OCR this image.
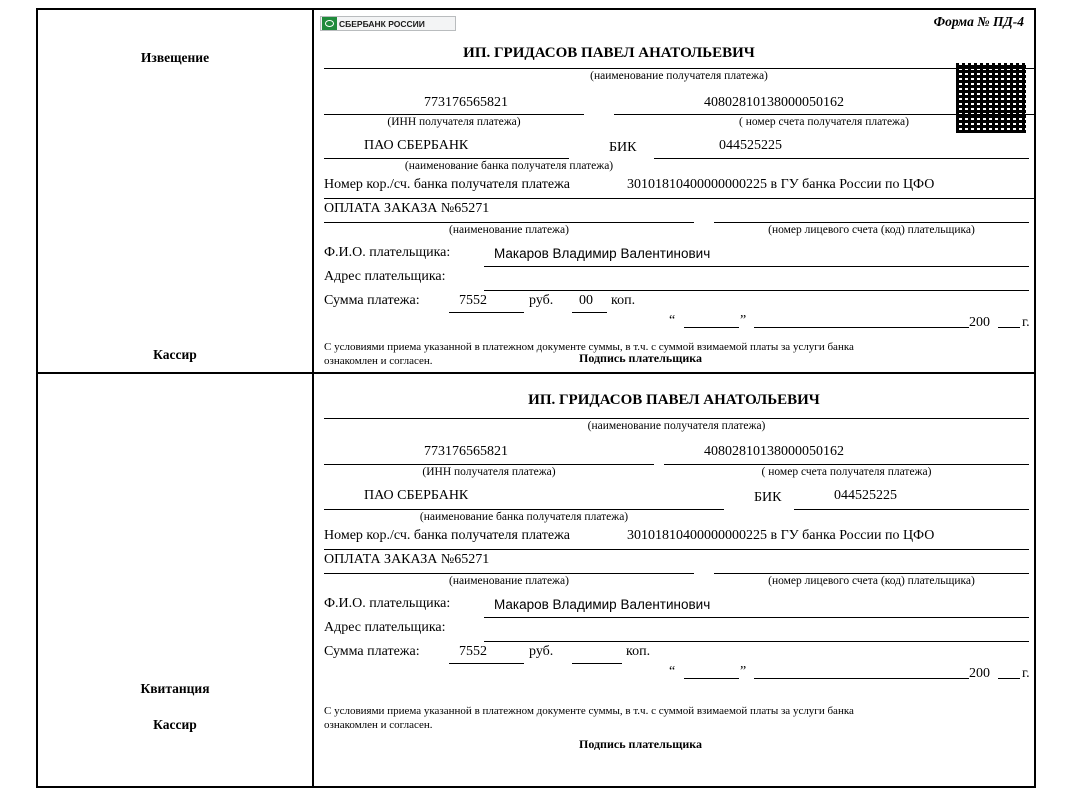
Извещение
Кассир
СБЕРБАНК РОССИИ	Форма № ПД-4
ИП. ГРИДАСОВ ПАВЕЛ АНАТОЛЬЕВИЧ
(наименование получателя платежа)
773176565821	40802810138000050162
(ИНН получателя платежа)	( номер счета получателя платежа)
ПАО СБЕРБАНК	БИК	044525225
(наименование банка получателя платежа)
Номер кор./сч. банка получателя платежа	30101810400000000225 в ГУ банка России по ЦФО
ОПЛАТА ЗАКАЗА №65271
(наименование платежа)	(номер лицевого счета (код) плательщика)
Ф.И.О. плательщика:	Макаров Владимир Валентинович
Адрес плательщика:
Сумма платежа:	7552	руб. 00 коп.
“	”	200 г.
С условиями приема указанной в платежном документе суммы, в т.ч. с суммой взимаемой платы за услуги банка
ознакомлен и согласен.	Подпись плательщика
Квитанция
Кассир
ИП. ГРИДАСОВ ПАВЕЛ АНАТОЛЬЕВИЧ
(наименование получателя платежа)
773176565821	40802810138000050162
(ИНН получателя платежа)	( номер счета получателя платежа)
ПАО СБЕРБАНК	БИК	044525225
(наименование банка получателя платежа)
Номер кор./сч. банка получателя платежа	30101810400000000225 в ГУ банка России по ЦФО
ОПЛАТА ЗАКАЗА №65271
(наименование платежа)	(номер лицевого счета (код) плательщика)
Ф.И.О. плательщика:	Макаров Владимир Валентинович
Адрес плательщика:
Сумма платежа:	7552	руб.	коп.
“	”	200 г.
С условиями приема указанной в платежном документе суммы, в т.ч. с суммой взимаемой платы за услуги банка
ознакомлен и согласен.
Подпись плательщика
